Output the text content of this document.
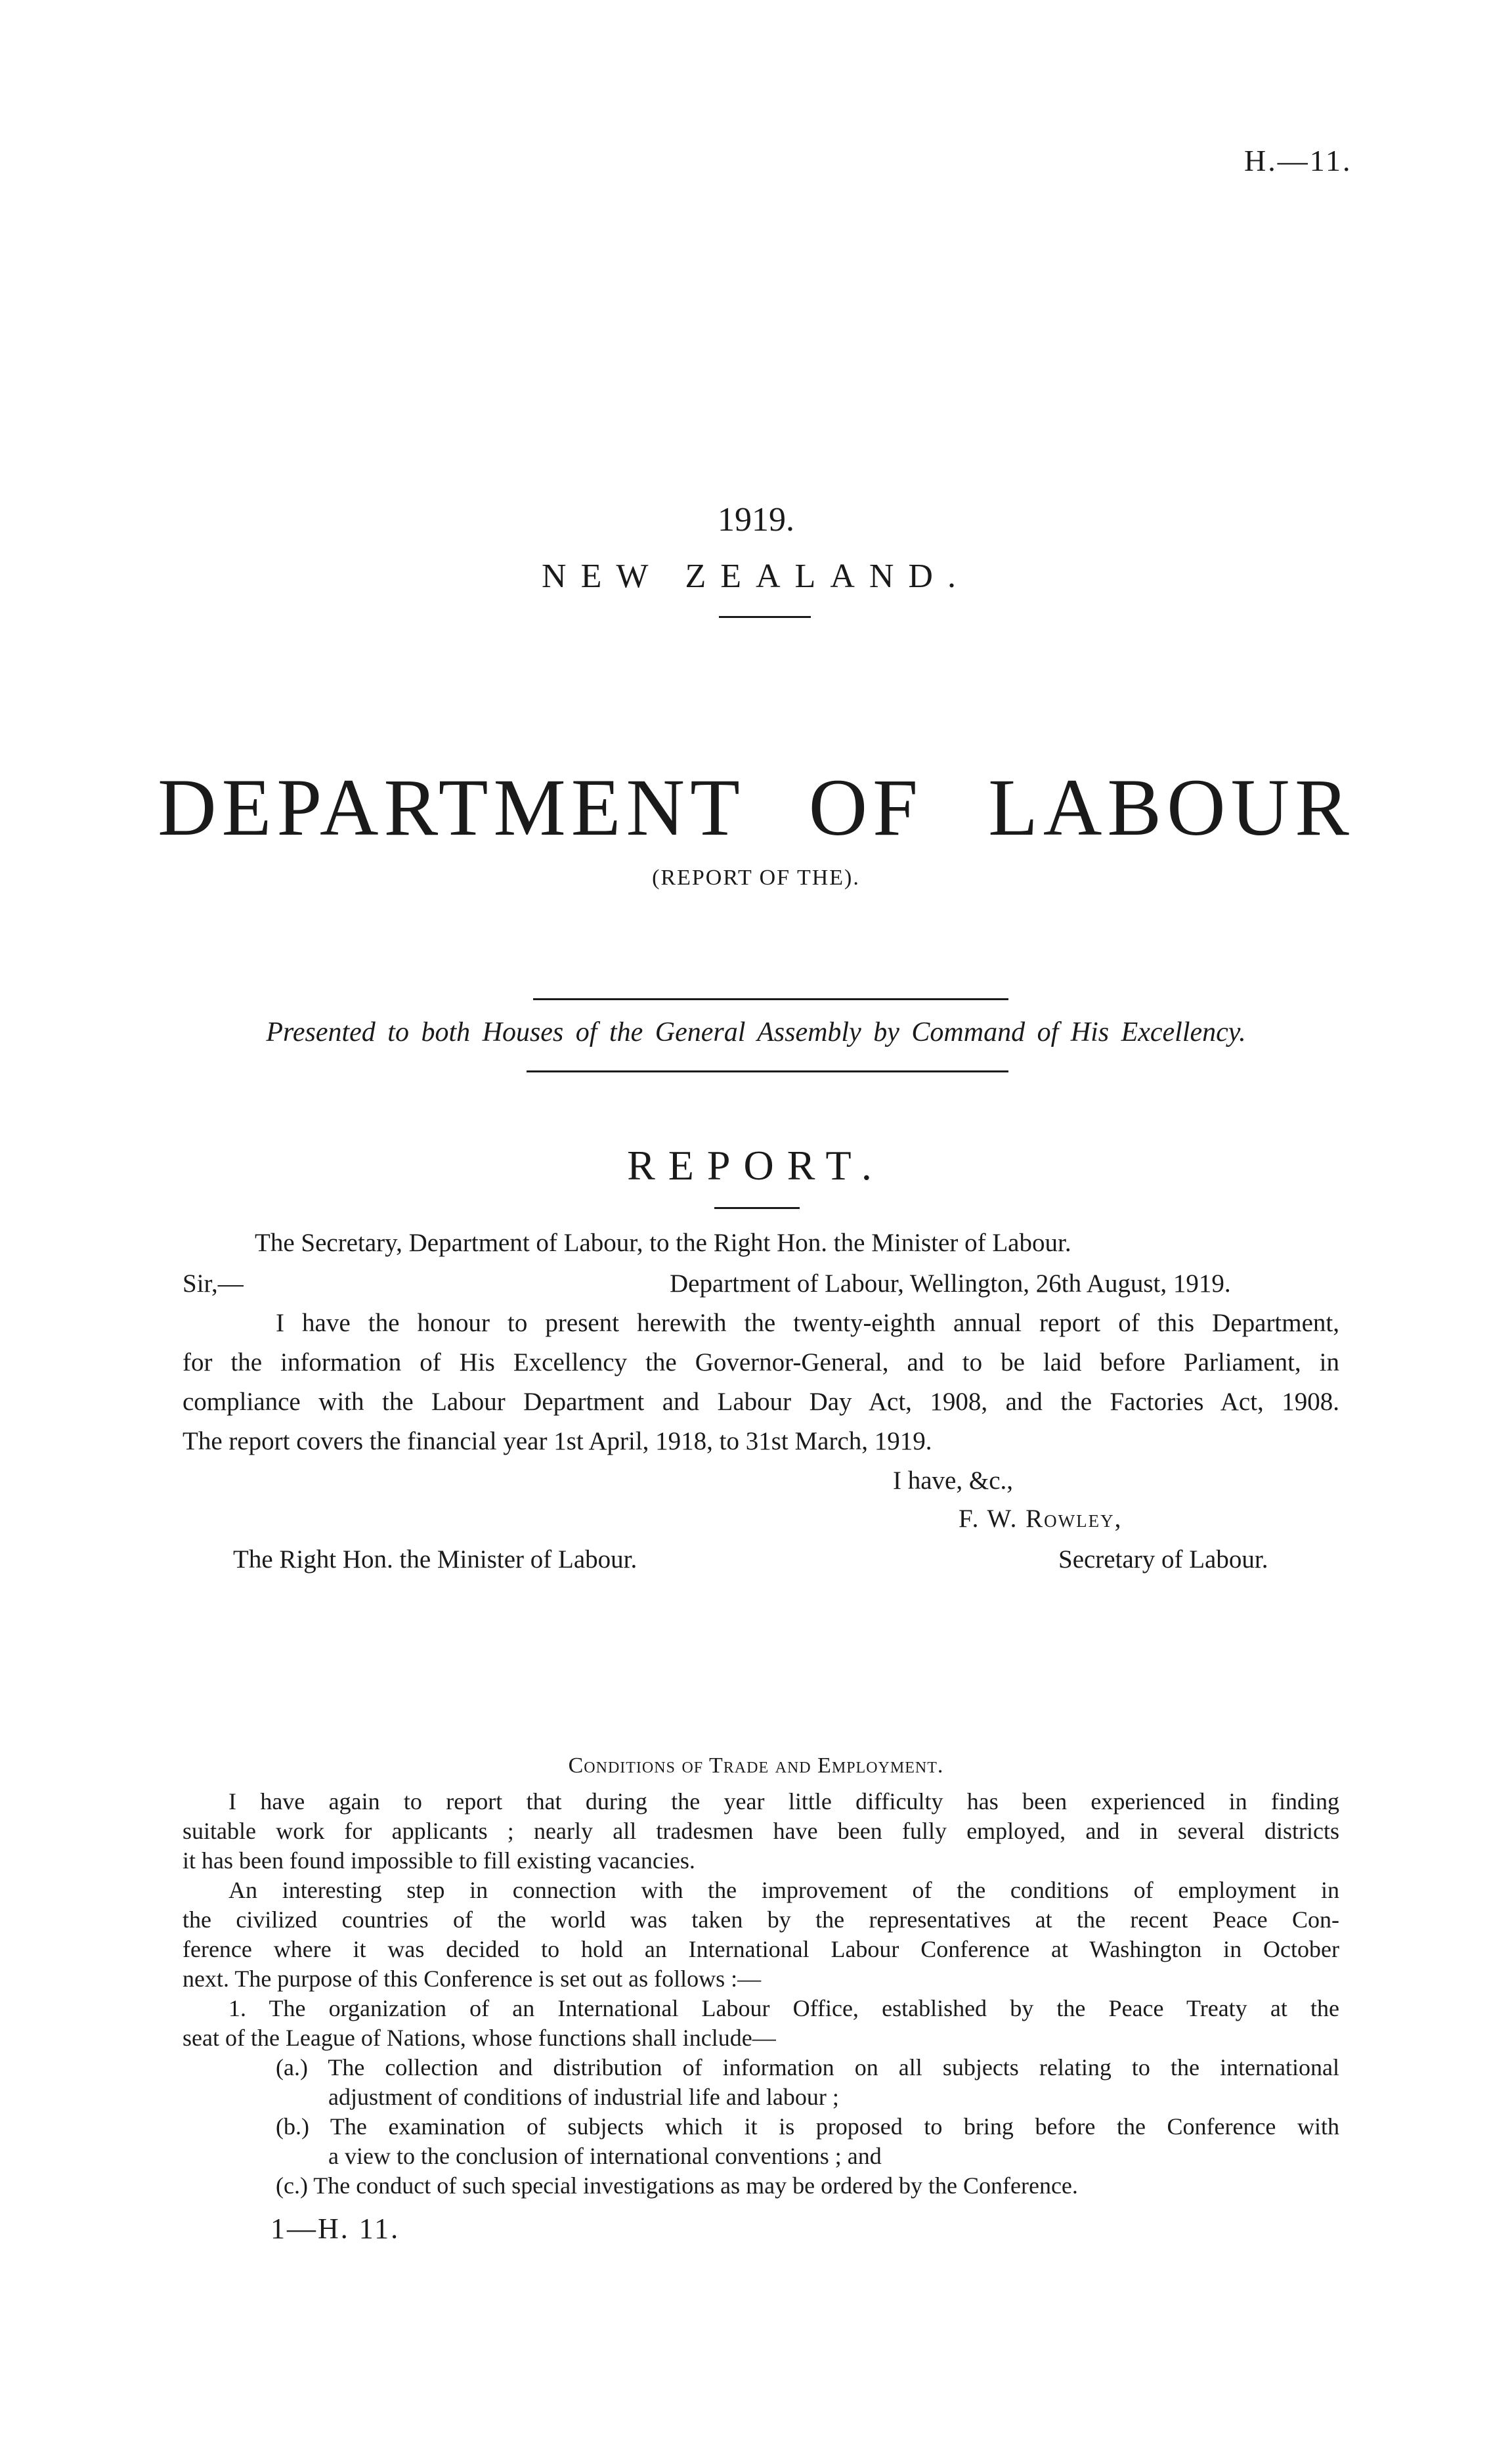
H.—11.
1919.
NEW ZEALAND.
DEPARTMENT OF LABOUR
(REPORT OF THE).
Presented to both Houses of the General Assembly by Command of His Excellency.
REPORT.
The Secretary, Department of Labour, to the Right Hon. the Minister of Labour.
Sir,—	Department of Labour, Wellington, 26th August, 1919.
I have the honour to present herewith the twenty-eighth annual report of this Department,
for the information of His Excellency the Governor-General, and to be laid before Parliament, in
compliance with the Labour Department and Labour Day Act, 1908, and the Factories Act, 1908.
The report covers the financial year 1st April, 1918, to 31st March, 1919.
I have, &c.,
F. W. Rowley,
The Right Hon. the Minister of Labour.	Secretary of Labour.
Conditions of Trade and Employment.
I have again to report that during the year little difficulty has been experienced in finding
suitable work for applicants ; nearly all tradesmen have been fully employed, and in several districts
it has been found impossible to fill existing vacancies.
An interesting step in connection with the improvement of the conditions of employment in
the civilized countries of the world was taken by the representatives at the recent Peace Con-
ference where it was decided to hold an International Labour Conference at Washington in October
next. The purpose of this Conference is set out as follows :—
1. The organization of an International Labour Office, established by the Peace Treaty at the
seat of the League of Nations, whose functions shall include—
(a.) The collection and distribution of information on all subjects relating to the international
adjustment of conditions of industrial life and labour ;
(b.) The examination of subjects which it is proposed to bring before the Conference with
a view to the conclusion of international conventions ; and
(c.) The conduct of such special investigations as may be ordered by the Conference.
1—H. 11.
